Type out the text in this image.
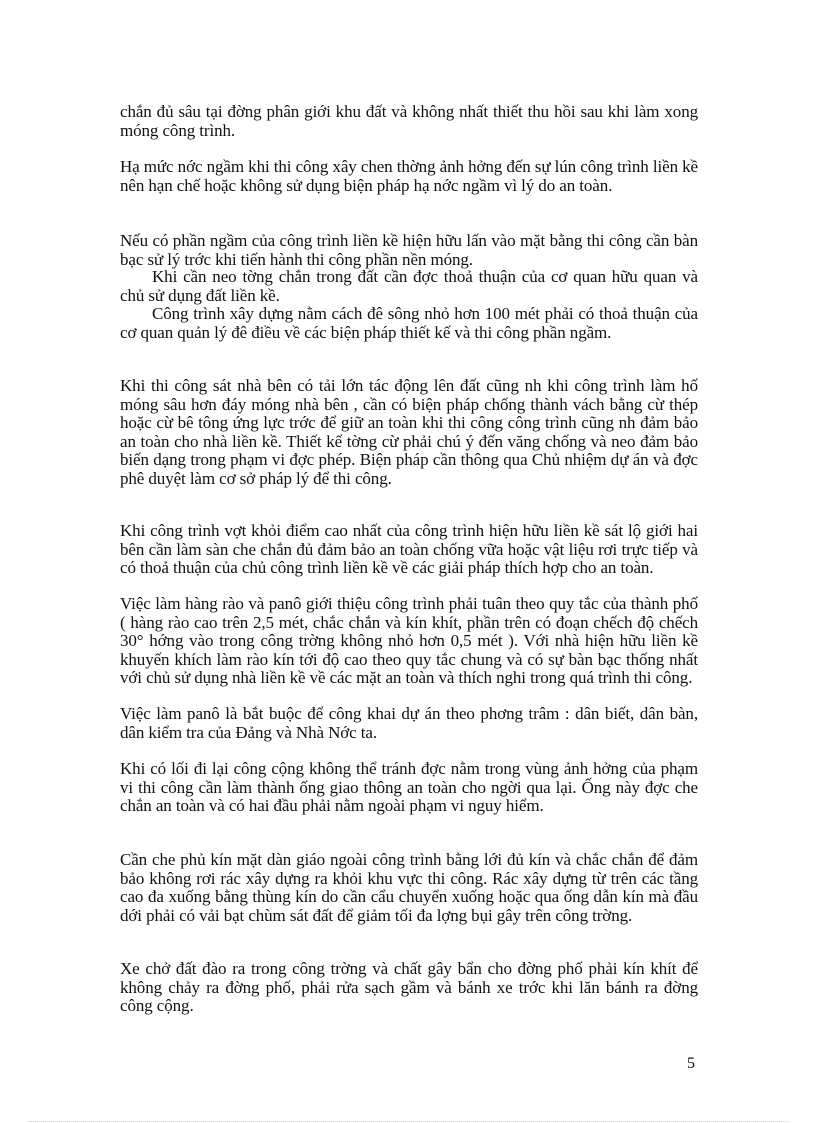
chắn đủ sâu tại đờng phân giới khu đất và không nhất thiết thu hồi sau khi làm xong móng công trình.

Hạ mức nớc ngầm khi thi công xây chen thờng ảnh hởng đến sự lún công trình liền kề nên hạn chế hoặc không sử dụng biện pháp hạ nớc ngầm vì lý do an toàn.

Nếu có phần ngầm của công trình liền kề hiện hữu lấn vào mặt bằng thi công cần bàn bạc sử lý trớc khi tiến hành thi công phần nền móng.

Khi cần neo tờng chắn trong đất cần đợc thoả thuận của cơ quan hữu quan và chủ sử dụng đất liền kề.

Công trình xây dựng nằm cách đê sông nhỏ hơn 100 mét phải có thoả thuận của cơ quan quản lý đê điều về các biện pháp thiết kế và thi công phần ngầm.

Khi thi công sát nhà bên có tải lớn tác động lên đất cũng nh khi công trình làm hố móng sâu hơn đáy móng nhà bên , cần có biện pháp chống thành vách bằng cừ thép hoặc cừ bê tông ứng lực trớc để giữ an toàn khi thi công công trình cũng nh đảm bảo an toàn cho nhà liền kề. Thiết kế tờng cừ phải chú ý đến văng chống và neo đảm bảo biến dạng trong phạm vi đợc phép. Biện pháp cần thông qua Chủ nhiệm dự án và đợc phê duyệt làm cơ sở pháp lý để thi công.

Khi công trình vợt khỏi điểm cao nhất của công trình hiện hữu liền kề sát lộ giới hai bên cần làm sàn che chắn đủ đảm bảo an toàn chống vữa hoặc vật liệu rơi trực tiếp và có thoả thuận của chủ công trình liền kề về các giải pháp thích hợp cho an toàn.

Việc làm hàng rào và panô giới thiệu công trình phải tuân theo quy tắc của thành phố ( hàng rào cao trên 2,5 mét, chắc chắn và kín khít, phần trên có đoạn chếch độ chếch 30° hớng vào trong công trờng không nhỏ hơn 0,5 mét ). Với nhà hiện hữu liền kề khuyến khích làm rào kín tới độ cao theo quy tắc chung và có sự bàn bạc thống nhất với chủ sử dụng nhà liền kề về các mặt an toàn và thích nghi trong quá trình thi công.

Việc làm panô là bắt buộc để công khai dự án theo phơng trâm : dân biết, dân bàn, dân kiểm tra của Đảng và Nhà Nớc ta.

Khi có lối đi lại công cộng không thể tránh đợc nằm trong vùng ảnh hởng của phạm vi thi công cần làm thành ống giao thông an toàn cho ngời qua lại. Ống này đợc che chắn an toàn và có hai đầu phải nằm ngoài phạm vi nguy hiểm.

Cần che phủ kín mặt dàn giáo ngoài công trình bằng lới đủ kín và chắc chắn để đảm bảo không rơi rác xây dựng ra khỏi khu vực thi công. Rác xây dựng từ trên các tầng cao đa xuống bằng thùng kín do cần cẩu chuyển xuống hoặc qua ống dẫn kín mà đầu dới phải có vải bạt chùm sát đất để giảm tối đa lợng bụi gây trên công trờng.

Xe chở đất đào ra trong công trờng và chất gây bẩn cho đờng phố phải kín khít để không chảy ra đờng phố, phải rửa sạch gầm và bánh xe trớc khi lăn bánh ra đờng công cộng.

5
